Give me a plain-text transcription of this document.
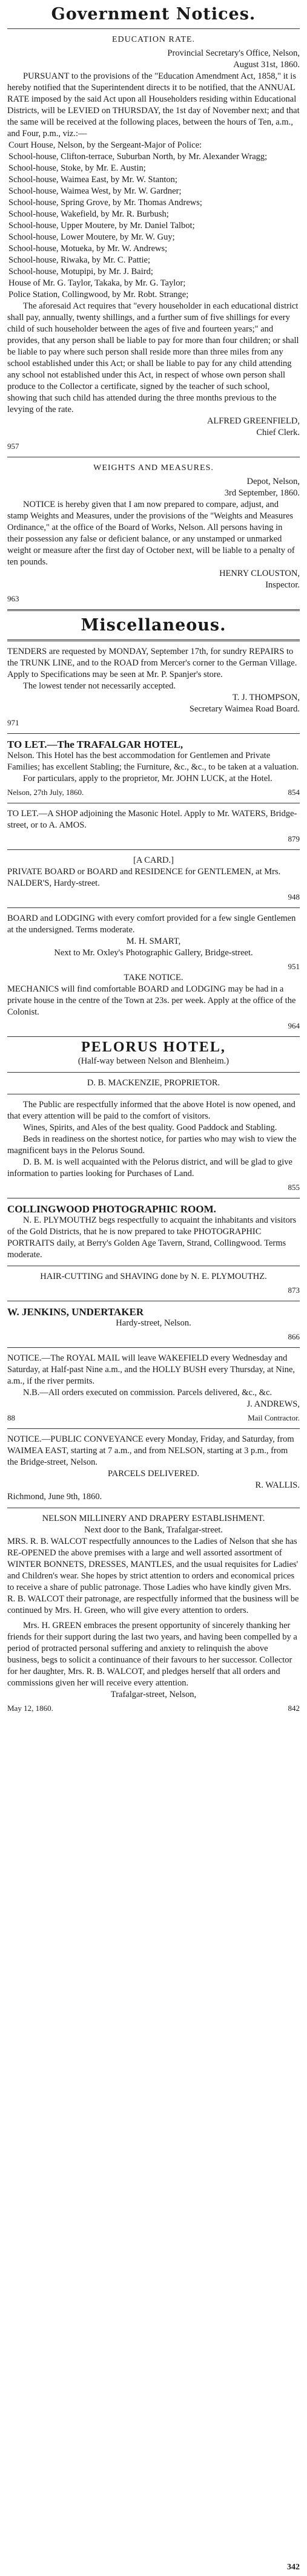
Government Notices.
EDUCATION RATE.

Provincial Secretary's Office, Nelson,

August 31st, 1860.

PURSUANT to the provisions of the "Education Amendment Act, 1858," it is hereby notified that the Superintendent directs it to be notified, that the ANNUAL RATE imposed by the said Act upon all Householders residing within Educational Districts, will be LEVIED on THURSDAY, the 1st day of November next; and that the same will be received at the following places, between the hours of Ten, a.m., and Four, p.m., viz.:—

Court House, Nelson, by the Sergeant-Major of Police:

School-house, Clifton-terrace, Suburban North, by Mr. Alexander Wragg;

School-house, Stoke, by Mr. E. Austin;

School-house, Waimea East, by Mr. W. Stanton;

School-house, Waimea West, by Mr. W. Gardner;

School-house, Spring Grove, by Mr. Thomas Andrews;

School-house, Wakefield, by Mr. R. Burbush;

School-house, Upper Moutere, by Mr. Daniel Talbot;

School-house, Lower Moutere, by Mr. W. Guy;

School-house, Motueka, by Mr. W. Andrews;

School-house, Riwaka, by Mr. C. Pattie;

School-house, Motupipi, by Mr. J. Baird;

House of Mr. G. Taylor, Takaka, by Mr. G. Taylor;

Police Station, Collingwood, by Mr. Robt. Strange;

The aforesaid Act requires that "every householder in each educational district shall pay, annually, twenty shillings, and a further sum of five shillings for every child of such householder between the ages of five and fourteen years;" and provides, that any person shall be liable to pay for more than four children; or shall be liable to pay where such person shall reside more than three miles from any school established under this Act; or shall be liable to pay for any child attending any school not established under this Act, in respect of whose own person shall produce to the Collector a certificate, signed by the teacher of such school, showing that such child has attended during the three months previous to the levying of the rate.

ALFRED GREENFIELD,

Chief Clerk.

957
WEIGHTS AND MEASURES.

Depot, Nelson,

3rd September, 1860.

NOTICE is hereby given that I am now prepared to compare, adjust, and stamp Weights and Measures, under the provisions of the "Weights and Measures Ordinance," at the office of the Board of Works, Nelson. All persons having in their possession any false or deficient balance, or any unstamped or unmarked weight or measure after the first day of October next, will be liable to a penalty of ten pounds.

HENRY CLOUSTON,

Inspector.

963
Miscellaneous.

TENDERS are requested by MONDAY, September 17th, for sundry REPAIRS to the TRUNK LINE, and to the ROAD from Mercer's corner to the German Village. Apply to Specifications may be seen at Mr. P. Spanjer's store.

The lowest tender not necessarily accepted.

T. J. THOMPSON,

Secretary Waimea Road Board.

971

TO LET.—The TRAFALGAR HOTEL,

Nelson. This Hotel has the best accommodation for Gentlemen and Private Families; has excellent Stabling; the Furniture, &c., &c., to be taken at a valuation.

For particulars, apply to the proprietor, Mr. JOHN LUCK, at the Hotel.

Nelson, 27th July, 1860.	854

TO LET.—A SHOP adjoining the Masonic Hotel. Apply to Mr. WATERS, Bridge-street, or to A. AMOS.

879

[A CARD.]

PRIVATE BOARD or BOARD and RESIDENCE for GENTLEMEN, at Mrs. NALDER'S, Hardy-street.

948

BOARD and LODGING with every comfort provided for a few single Gentlemen at the undersigned. Terms moderate.

M. H. SMART,

Next to Mr. Oxley's Photographic Gallery, Bridge-street.

951

TAKE NOTICE.

MECHANICS will find comfortable BOARD and LODGING may be had in a private house in the centre of the Town at 23s. per week. Apply at the office of the Colonist.

964
PELORUS HOTEL,

(Half-way between Nelson and Blenheim.)

D. B. MACKENZIE, PROPRIETOR.

The Public are respectfully informed that the above Hotel is now opened, and that every attention will be paid to the comfort of visitors.

Wines, Spirits, and Ales of the best quality. Good Paddock and Stabling.

Beds in readiness on the shortest notice, for parties who may wish to view the magnificent bays in the Pelorus Sound.

D. B. M. is well acquainted with the Pelorus district, and will be glad to give information to parties looking for Purchases of Land.

855

COLLINGWOOD PHOTOGRAPHIC ROOM.

N. E. PLYMOUTHZ begs respectfully to acquaint the inhabitants and visitors of the Gold Districts, that he is now prepared to take PHOTOGRAPHIC PORTRAITS daily, at Berry's Golden Age Tavern, Strand, Collingwood. Terms moderate.

HAIR-CUTTING and SHAVING done by N. E. PLYMOUTHZ.

873

W. JENKINS, UNDERTAKER

Hardy-street, Nelson.

866

NOTICE.—The ROYAL MAIL will leave WAKEFIELD every Wednesday and Saturday, at Half-past Nine a.m., and the HOLLY BUSH every Thursday, at Nine, a.m., if the river permits.

N.B.—All orders executed on commission. Parcels delivered, &c., &c.

J. ANDREWS,

88	Mail Contractor.

NOTICE.—PUBLIC CONVEYANCE every Monday, Friday, and Saturday, from WAIMEA EAST, starting at 7 a.m., and from NELSON, starting at 3 p.m., from the Bridge-street, Nelson.

PARCELS DELIVERED.

R. WALLIS.

Richmond, June 9th, 1860.

NELSON MILLINERY AND DRAPERY ESTABLISHMENT.

Next door to the Bank, Trafalgar-street.

MRS. R. B. WALCOT respectfully announces to the Ladies of Nelson that she has RE-OPENED the above premises with a large and well assorted assortment of WINTER BONNETS, DRESSES, MANTLES, and the usual requisites for Ladies' and Children's wear. She hopes by strict attention to orders and economical prices to receive a share of public patronage. Those Ladies who have kindly given Mrs. R. B. WALCOT their patronage, are respectfully informed that the business will be continued by Mrs. H. Green, who will give every attention to orders.

Mrs. H. GREEN embraces the present opportunity of sincerely thanking her friends for their support during the last two years, and having been compelled by a period of protracted personal suffering and anxiety to relinquish the above business, begs to solicit a continuance of their favours to her successor. Collector for her daughter, Mrs. R. B. WALCOT, and pledges herself that all orders and commissions given her will receive every attention.

Trafalgar-street, Nelson,

May 12, 1860.	842
342
